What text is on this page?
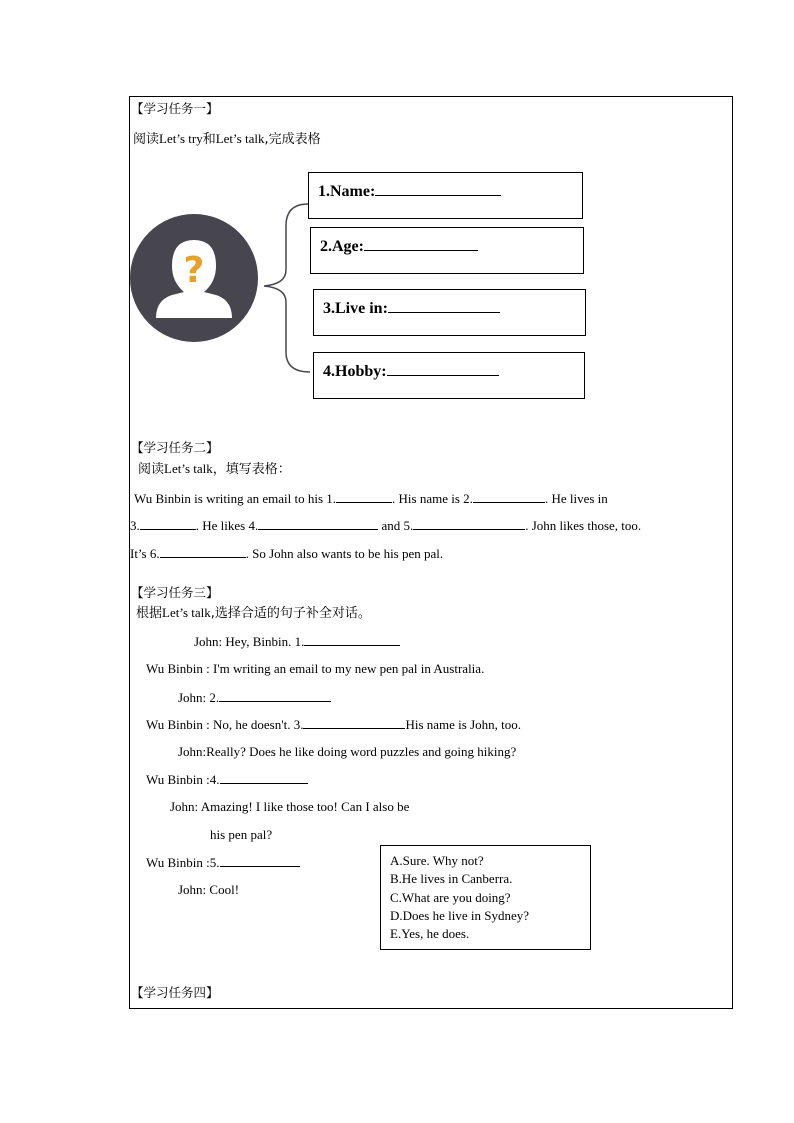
【学习任务一】
阅读Let’s try和Let’s talk,完成表格
?
1.Name:
2.Age:
3.Live in:
4.Hobby:
【学习任务二】
阅读Let’s talk，填写表格：
Wu Binbin is writing an email to his 1.	. His name is 2.	. He lives in
3.	. He likes 4.	and 5.	. John likes those, too.
It’s 6.	. So John also wants to be his pen pal.
【学习任务三】
根据Let’s talk,选择合适的句子补全对话。
John: Hey, Binbin. 1.
Wu Binbin : I'm writing an email to my new pen pal in Australia.
John: 2.
Wu Binbin : No, he doesn't. 3.	His name is John, too.
John:Really? Does he like doing word puzzles and going hiking?
Wu Binbin :4.
John: Amazing! I like those too! Can I also be
his pen pal?
Wu Binbin :5.
John: Cool!
A.Sure. Why not?
B.He lives in Canberra.
C.What are you doing?
D.Does he live in Sydney?
E.Yes, he does.
【学习任务四】
